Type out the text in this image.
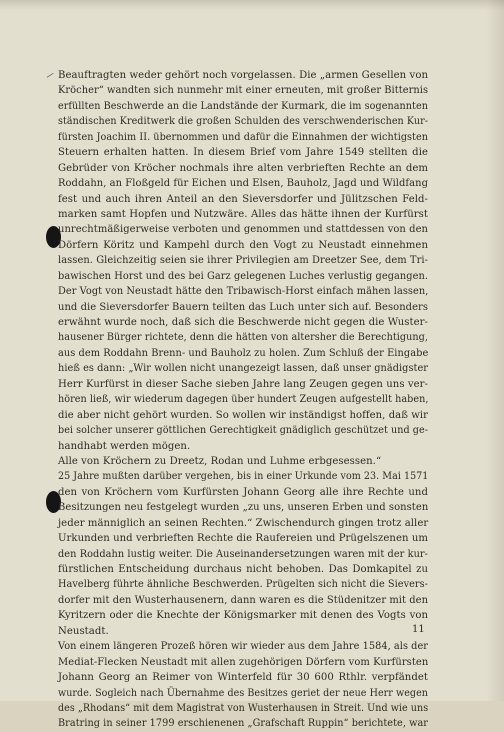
/ Beauftragten weder gehört noch vorgelassen. Die „armen Gesellen von
Kröcher“ wandten sich nunmehr mit einer erneuten, mit großer Bitternis
erfüllten Beschwerde an die Landstände der Kurmark, die im sogenannten
ständischen Kreditwerk die großen Schulden des verschwenderischen Kur-
fürsten Joachim II. übernommen und dafür die Einnahmen der wichtigsten
Steuern erhalten hatten. In diesem Brief vom Jahre 1549 stellten die
Gebrüder von Kröcher nochmals ihre alten verbrieften Rechte an dem
Roddahn, an Floßgeld für Eichen und Elsen, Bauholz, Jagd und Wildfang
fest und auch ihren Anteil an den Sieversdorfer und Jülitzschen Feld-
marken samt Hopfen und Nutzwäre. Alles das hätte ihnen der Kurfürst
unrechtmäßigerweise verboten und genommen und stattdessen von den
Dörfern Köritz und Kampehl durch den Vogt zu Neustadt einnehmen
lassen. Gleichzeitig seien sie ihrer Privilegien am Dreetzer See, dem Tri-
bawischen Horst und des bei Garz gelegenen Luches verlustig gegangen.
Der Vogt von Neustadt hätte den Tribawisch-Horst einfach mähen lassen,
und die Sieversdorfer Bauern teilten das Luch unter sich auf. Besonders
erwähnt wurde noch, daß sich die Beschwerde nicht gegen die Wuster-
hausener Bürger richtete, denn die hätten von altersher die Berechtigung,
aus dem Roddahn Brenn- und Bauholz zu holen. Zum Schluß der Eingabe
hieß es dann: „Wir wollen nicht unangezeigt lassen, daß unser gnädigster
Herr Kurfürst in dieser Sache sieben Jahre lang Zeugen gegen uns ver-
hören ließ, wir wiederum dagegen über hundert Zeugen aufgestellt haben,
die aber nicht gehört wurden. So wollen wir inständigst hoffen, daß wir
bei solcher unserer göttlichen Gerechtigkeit gnädiglich geschützet und ge-
handhabt werden mögen.
Alle von Kröchern zu Dreetz, Rodan und Luhme erbgesessen.“
25 Jahre mußten darüber vergehen, bis in einer Urkunde vom 23. Mai 1571
den von Kröchern vom Kurfürsten Johann Georg alle ihre Rechte und
Besitzungen neu festgelegt wurden „zu uns, unseren Erben und sonsten
jeder männiglich an seinen Rechten.“ Zwischendurch gingen trotz aller
Urkunden und verbrieften Rechte die Raufereien und Prügelszenen um
den Roddahn lustig weiter. Die Auseinandersetzungen waren mit der kur-
fürstlichen Entscheidung durchaus nicht behoben. Das Domkapitel zu
Havelberg führte ähnliche Beschwerden. Prügelten sich nicht die Sievers-
dorfer mit den Wusterhausenern, dann waren es die Stüdenitzer mit den
Kyritzern oder die Knechte der Königsmarker mit denen des Vogts von
Neustadt.
Von einem längeren Prozeß hören wir wieder aus dem Jahre 1584, als der
Mediat-Flecken Neustadt mit allen zugehörigen Dörfern vom Kurfürsten
Johann Georg an Reimer von Winterfeld für 30 600 Rthlr. verpfändet
wurde. Sogleich nach Übernahme des Besitzes geriet der neue Herr wegen
des „Rhodans“ mit dem Magistrat von Wusterhausen in Streit. Und wie uns
Bratring in seiner 1799 erschienenen „Grafschaft Ruppin“ berichtete, war
11
